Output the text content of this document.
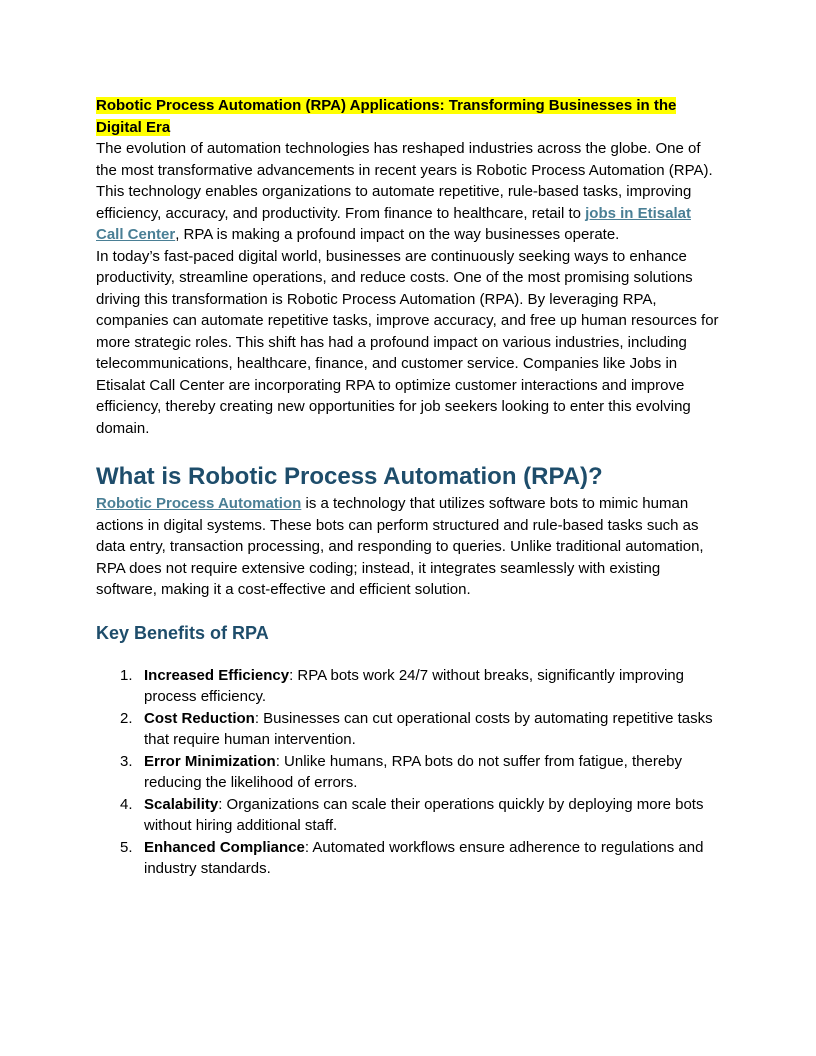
Robotic Process Automation (RPA) Applications: Transforming Businesses in the Digital Era

The evolution of automation technologies has reshaped industries across the globe. One of the most transformative advancements in recent years is Robotic Process Automation (RPA). This technology enables organizations to automate repetitive, rule-based tasks, improving efficiency, accuracy, and productivity. From finance to healthcare, retail to jobs in Etisalat Call Center, RPA is making a profound impact on the way businesses operate.

In today’s fast-paced digital world, businesses are continuously seeking ways to enhance productivity, streamline operations, and reduce costs. One of the most promising solutions driving this transformation is Robotic Process Automation (RPA). By leveraging RPA, companies can automate repetitive tasks, improve accuracy, and free up human resources for more strategic roles. This shift has had a profound impact on various industries, including telecommunications, healthcare, finance, and customer service. Companies like Jobs in Etisalat Call Center are incorporating RPA to optimize customer interactions and improve efficiency, thereby creating new opportunities for job seekers looking to enter this evolving domain.

What is Robotic Process Automation (RPA)?

Robotic Process Automation is a technology that utilizes software bots to mimic human actions in digital systems. These bots can perform structured and rule-based tasks such as data entry, transaction processing, and responding to queries. Unlike traditional automation, RPA does not require extensive coding; instead, it integrates seamlessly with existing software, making it a cost-effective and efficient solution.

Key Benefits of RPA
1. Increased Efficiency: RPA bots work 24/7 without breaks, significantly improving process efficiency.
2. Cost Reduction: Businesses can cut operational costs by automating repetitive tasks that require human intervention.
3. Error Minimization: Unlike humans, RPA bots do not suffer from fatigue, thereby reducing the likelihood of errors.
4. Scalability: Organizations can scale their operations quickly by deploying more bots without hiring additional staff.
5. Enhanced Compliance: Automated workflows ensure adherence to regulations and industry standards.
